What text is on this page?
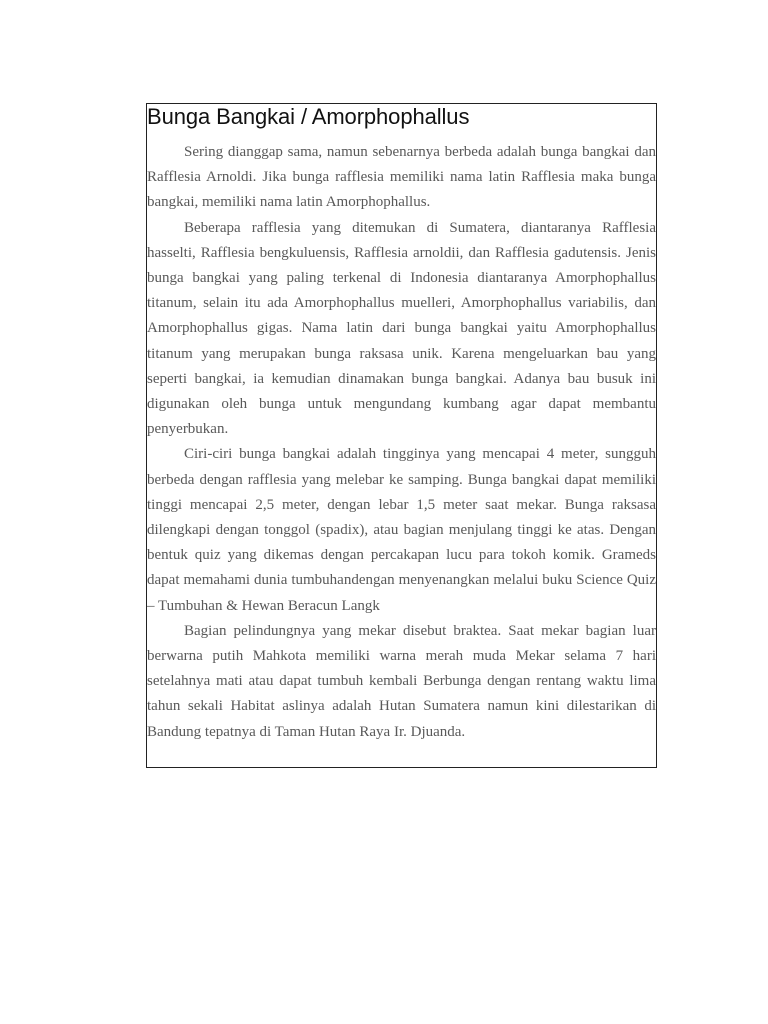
Bunga Bangkai / Amorphophallus

Sering dianggap sama, namun sebenarnya berbeda adalah bunga bangkai dan Rafflesia Arnoldi. Jika bunga rafflesia memiliki nama latin Rafflesia maka bunga bangkai, memiliki nama latin Amorphophallus.

Beberapa rafflesia yang ditemukan di Sumatera, diantaranya Rafflesia hasselti, Rafflesia bengkuluensis, Rafflesia arnoldii, dan Rafflesia gadutensis. Jenis bunga bangkai yang paling terkenal di Indonesia diantaranya Amorphophallus titanum, selain itu ada Amorphophallus muelleri, Amorphophallus variabilis, dan Amorphophallus gigas. Nama latin dari bunga bangkai yaitu Amorphophallus titanum yang merupakan bunga raksasa unik. Karena mengeluarkan bau yang seperti bangkai, ia kemudian dinamakan bunga bangkai. Adanya bau busuk ini digunakan oleh bunga untuk mengundang kumbang agar dapat membantu penyerbukan.

Ciri-ciri bunga bangkai adalah tingginya yang mencapai 4 meter, sungguh berbeda dengan rafflesia yang melebar ke samping. Bunga bangkai dapat memiliki tinggi mencapai 2,5 meter, dengan lebar 1,5 meter saat mekar. Bunga raksasa dilengkapi dengan tonggol (spadix), atau bagian menjulang tinggi ke atas. Dengan bentuk quiz yang dikemas dengan percakapan lucu para tokoh komik. Grameds dapat memahami dunia tumbuhandengan menyenangkan melalui buku Science Quiz – Tumbuhan & Hewan Beracun Langk

Bagian pelindungnya yang mekar disebut braktea. Saat mekar bagian luar berwarna putih Mahkota memiliki warna merah muda Mekar selama 7 hari setelahnya mati atau dapat tumbuh kembali Berbunga dengan rentang waktu lima tahun sekali Habitat aslinya adalah Hutan Sumatera namun kini dilestarikan di Bandung tepatnya di Taman Hutan Raya Ir. Djuanda.
